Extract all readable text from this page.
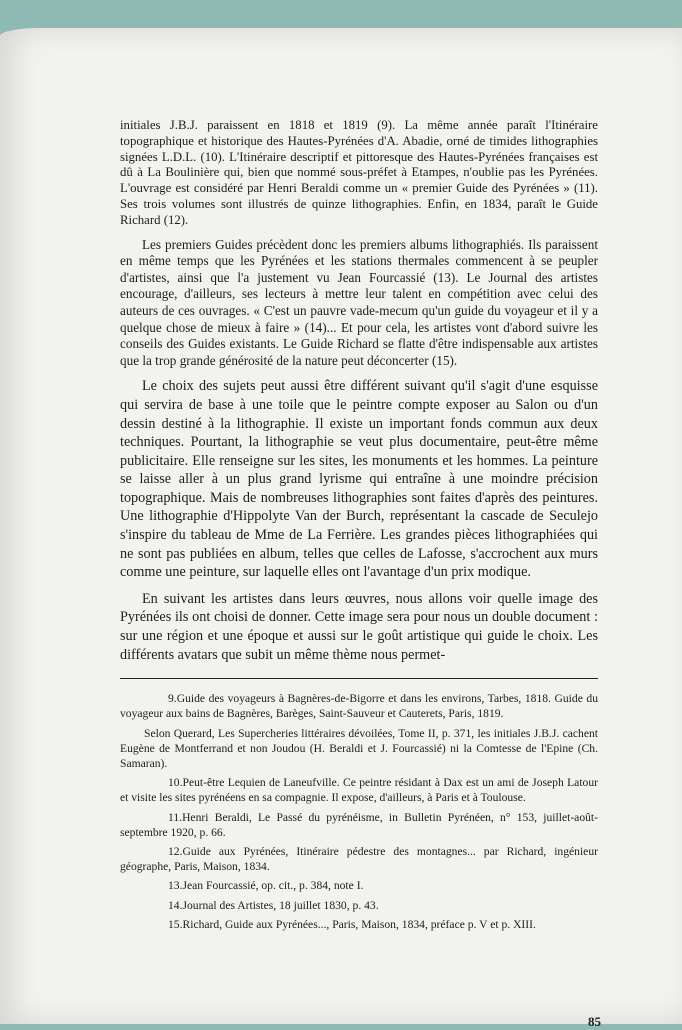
initiales J.B.J. paraissent en 1818 et 1819 (9). La même année paraît l'Itinéraire topographique et historique des Hautes-Pyrénées d'A. Abadie, orné de timides lithographies signées L.D.L. (10). L'Itinéraire descriptif et pittoresque des Hautes-Pyrénées françaises est dû à La Boulinière qui, bien que nommé sous-préfet à Etampes, n'oublie pas les Pyrénées. L'ouvrage est considéré par Henri Beraldi comme un « premier Guide des Pyrénées » (11). Ses trois volumes sont illustrés de quinze lithographies. Enfin, en 1834, paraît le Guide Richard (12).

Les premiers Guides précèdent donc les premiers albums lithographiés. Ils paraissent en même temps que les Pyrénées et les stations thermales commencent à se peupler d'artistes, ainsi que l'a justement vu Jean Fourcassié (13). Le Journal des artistes encourage, d'ailleurs, ses lecteurs à mettre leur talent en compétition avec celui des auteurs de ces ouvrages. « C'est un pauvre vade-mecum qu'un guide du voyageur et il y a quelque chose de mieux à faire » (14)... Et pour cela, les artistes vont d'abord suivre les conseils des Guides existants. Le Guide Richard se flatte d'être indispensable aux artistes que la trop grande générosité de la nature peut déconcerter (15).

Le choix des sujets peut aussi être différent suivant qu'il s'agit d'une esquisse qui servira de base à une toile que le peintre compte exposer au Salon ou d'un dessin destiné à la lithographie. Il existe un important fonds commun aux deux techniques. Pourtant, la lithographie se veut plus documentaire, peut-être même publicitaire. Elle renseigne sur les sites, les monuments et les hommes. La peinture se laisse aller à un plus grand lyrisme qui entraîne à une moindre précision topographique. Mais de nombreuses lithographies sont faites d'après des peintures. Une lithographie d'Hippolyte Van der Burch, représentant la cascade de Seculejo s'inspire du tableau de Mme de La Ferrière. Les grandes pièces lithographiées qui ne sont pas publiées en album, telles que celles de Lafosse, s'accrochent aux murs comme une peinture, sur laquelle elles ont l'avantage d'un prix modique.

En suivant les artistes dans leurs œuvres, nous allons voir quelle image des Pyrénées ils ont choisi de donner. Cette image sera pour nous un double document : sur une région et une époque et aussi sur le goût artistique qui guide le choix. Les différents avatars que subit un même thème nous permet-

9.Guide des voyageurs à Bagnères-de-Bigorre et dans les environs, Tarbes, 1818. Guide du voyageur aux bains de Bagnères, Barèges, Saint-Sauveur et Cauterets, Paris, 1819.

Selon Querard, Les Supercheries littéraires dévoilées, Tome II, p. 371, les initiales J.B.J. cachent Eugène de Montferrand et non Joudou (H. Beraldi et J. Fourcassié) ni la Comtesse de l'Epine (Ch. Samaran).

10.Peut-être Lequien de Laneufville. Ce peintre résidant à Dax est un ami de Joseph Latour et visite les sites pyrénéens en sa compagnie. Il expose, d'ailleurs, à Paris et à Toulouse.

11.Henri Beraldi, Le Passé du pyrénéisme, in Bulletin Pyrénéen, n° 153, juillet-août-septembre 1920, p. 66.

12.Guide aux Pyrénées, Itinéraire pédestre des montagnes... par Richard, ingénieur géographe, Paris, Maison, 1834.

13.Jean Fourcassié, op. cit., p. 384, note I.

14.Journal des Artistes, 18 juillet 1830, p. 43.

15.Richard, Guide aux Pyrénées..., Paris, Maison, 1834, préface p. V et p. XIII.

85
